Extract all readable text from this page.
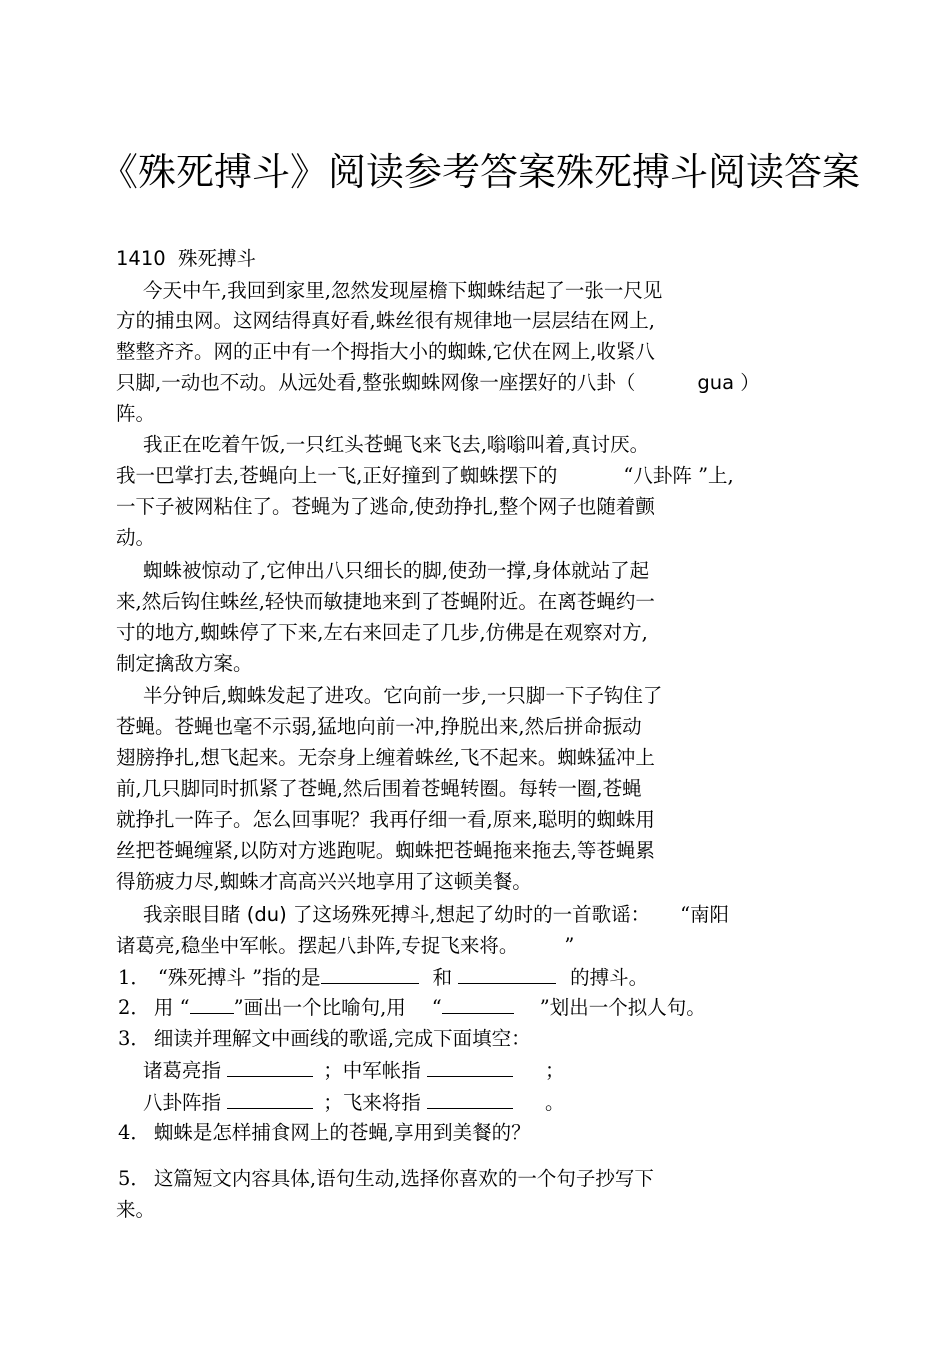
《殊死搏斗》阅读参考答案殊死搏斗阅读答案
1410 殊死搏斗
今天中午,我回到家里,忽然发现屋檐下蜘蛛结起了一张一尺见
方的捕虫网。这网结得真好看,蛛丝很有规律地一层层结在网上,
整整齐齐。网的正中有一个拇指大小的蜘蛛,它伏在网上,收紧八
只脚,一动也不动。从远处看,整张蜘蛛网像一座摆好的八卦（	gua ）
阵。
我正在吃着午饭,一只红头苍蝇飞来飞去,嗡嗡叫着,真讨厌。
我一巴掌打去,苍蝇向上一飞,正好撞到了蜘蛛摆下的	“八卦阵 ”上,
一下子被网粘住了。苍蝇为了逃命,使劲挣扎,整个网子也随着颤
动。
蜘蛛被惊动了,它伸出八只细长的脚,使劲一撑,身体就站了起
来,然后钩住蛛丝,轻快而敏捷地来到了苍蝇附近。在离苍蝇约一
寸的地方,蜘蛛停了下来,左右来回走了几步,仿佛是在观察对方,
制定擒敌方案。
半分钟后,蜘蛛发起了进攻。它向前一步,一只脚一下子钩住了
苍蝇。苍蝇也毫不示弱,猛地向前一冲,挣脱出来,然后拼命振动
翅膀挣扎,想飞起来。无奈身上缠着蛛丝,飞不起来。蜘蛛猛冲上
前,几只脚同时抓紧了苍蝇,然后围着苍蝇转圈。每转一圈,苍蝇
就挣扎一阵子。怎么回事呢？我再仔细一看,原来,聪明的蜘蛛用
丝把苍蝇缠紧,以防对方逃跑呢。蜘蛛把苍蝇拖来拖去,等苍蝇累
得筋疲力尽,蜘蛛才高高兴兴地享用了这顿美餐。
我亲眼目睹 (du) 了这场殊死搏斗,想起了幼时的一首歌谣： “南阳
诸葛亮,稳坐中军帐。摆起八卦阵,专捉飞来将。 ”
1． “殊死搏斗 ”指的是	和	的搏斗。
2． 用 “ ”画出一个比喻句,用 “	”划出一个拟人句。
3． 细读并理解文中画线的歌谣,完成下面填空：
诸葛亮指	；中军帐指	；
八卦阵指	；飞来将指	。
4． 蜘蛛是怎样捕食网上的苍蝇,享用到美餐的？
5． 这篇短文内容具体,语句生动,选择你喜欢的一个句子抄写下
来。
